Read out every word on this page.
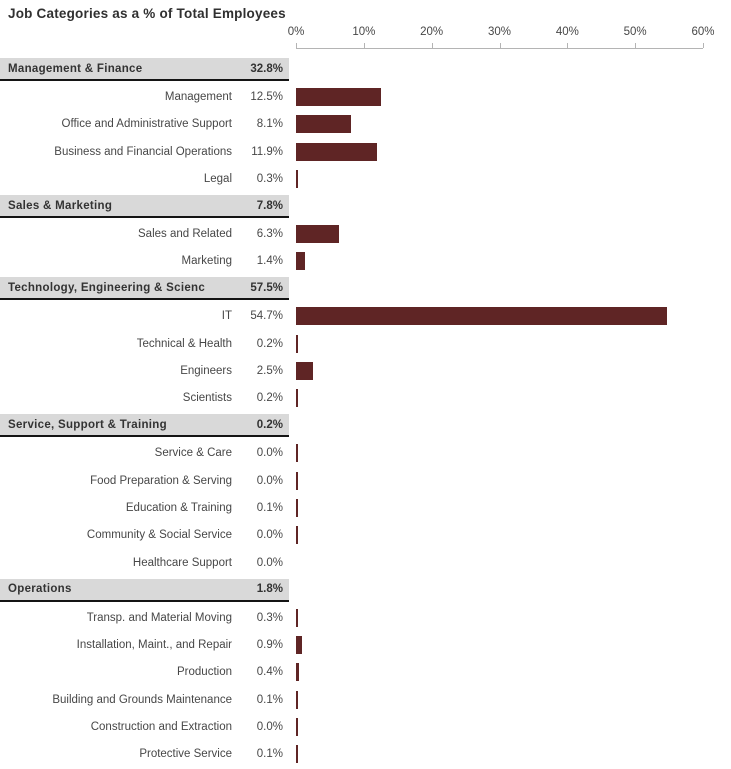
Job Categories as a % of Total Employees
0%	10%	20%	30%	40%	50%	60%
Management & Finance	32.8%
Management	12.5%
Office and Administrative Support	8.1%
Business and Financial Operations	11.9%
Legal	0.3%
Sales & Marketing	7.8%
Sales and Related	6.3%
Marketing	1.4%
Technology, Engineering & Scienc	57.5%
IT	54.7%
Technical & Health	0.2%
Engineers	2.5%
Scientists	0.2%
Service, Support & Training	0.2%
Service & Care	0.0%
Food Preparation & Serving	0.0%
Education & Training	0.1%
Community & Social Service	0.0%
Healthcare Support	0.0%
Operations	1.8%
Transp. and Material Moving	0.3%
Installation, Maint., and Repair	0.9%
Production	0.4%
Building and Grounds Maintenance	0.1%
Construction and Extraction	0.0%
Protective Service	0.1%
